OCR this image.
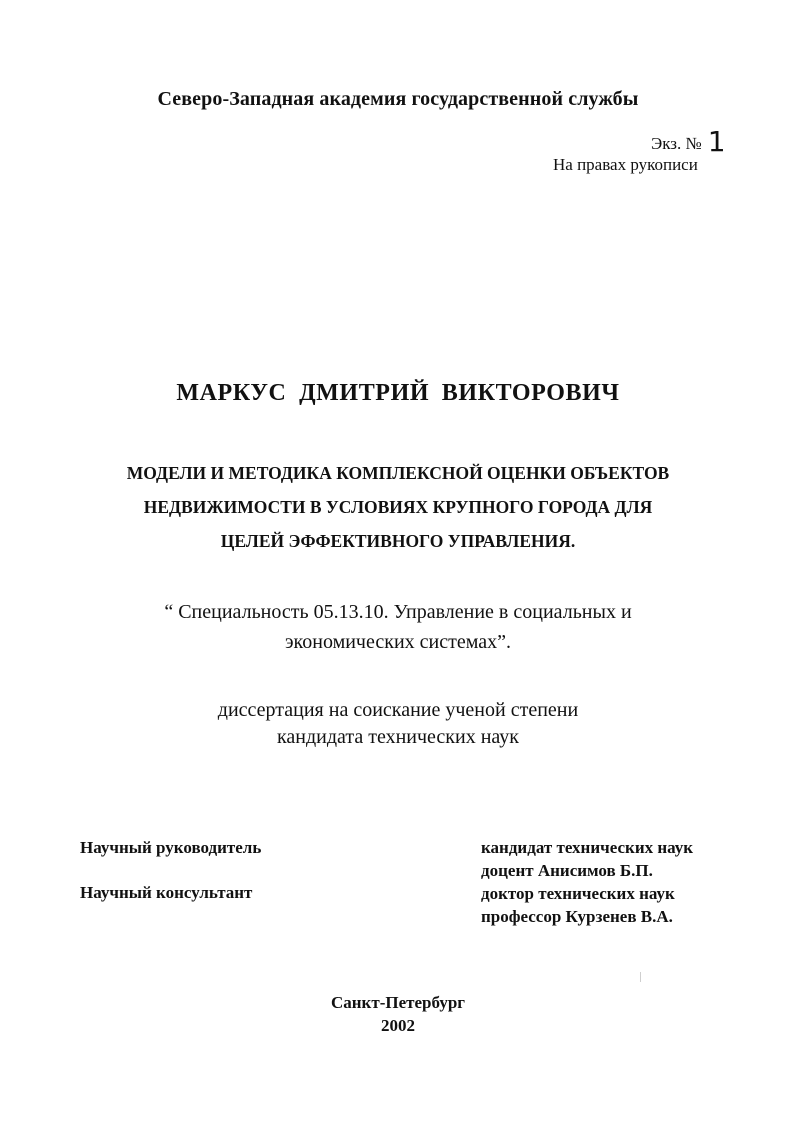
Северо-Западная академия государственной службы
Экз. № 1
На правах рукописи
МАРКУС ДМИТРИЙ ВИКТОРОВИЧ
МОДЕЛИ И МЕТОДИКА КОМПЛЕКСНОЙ ОЦЕНКИ ОБЪЕКТОВ
НЕДВИЖИМОСТИ В УСЛОВИЯХ КРУПНОГО ГОРОДА ДЛЯ
ЦЕЛЕЙ ЭФФЕКТИВНОГО УПРАВЛЕНИЯ.
“ Специальность 05.13.10. Управление в социальных и
экономических системах”.
диссертация на соискание ученой степени
кандидата технических наук
Научный руководитель	кандидат технических наук
доцент Анисимов Б.П.
Научный консультант	доктор технических наук
профессор Курзенев В.А.
Санкт-Петербург
2002
